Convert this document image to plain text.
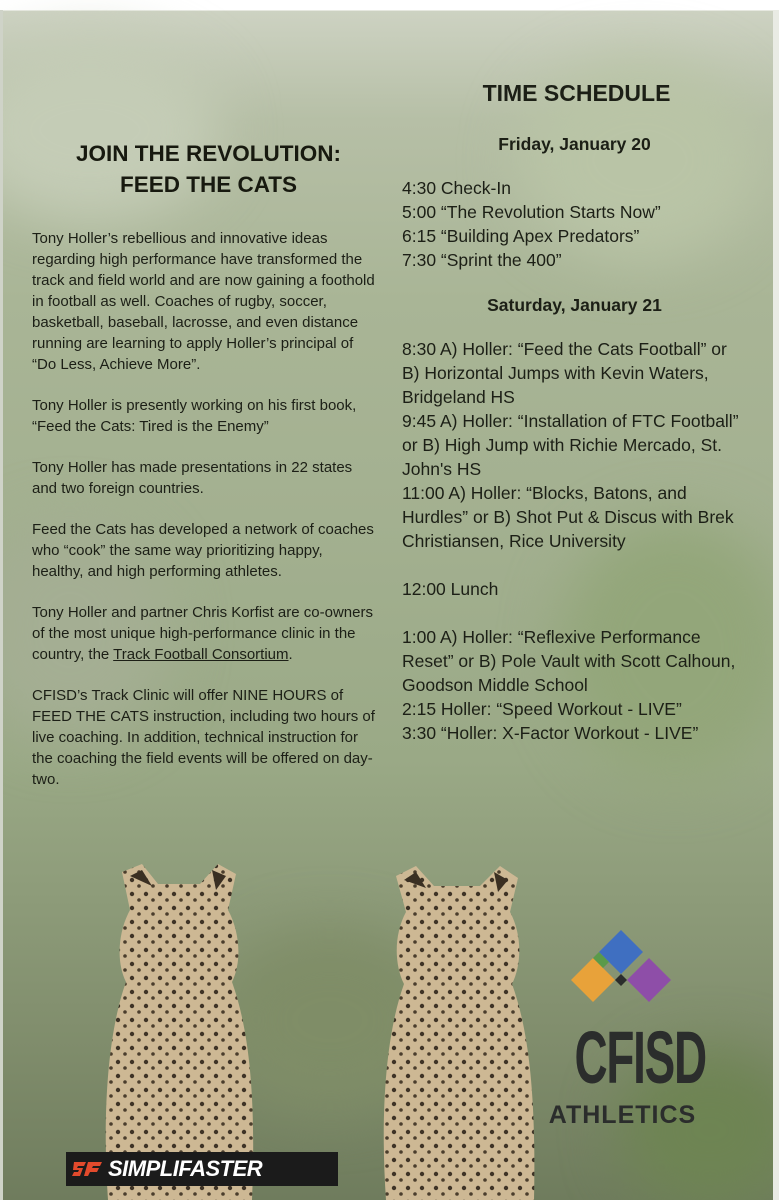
JOIN THE REVOLUTION:
FEED THE CATS

Tony Holler’s rebellious and innovative ideas regarding high performance have transformed the track and field world and are now gaining a foothold in football as well. Coaches of rugby, soccer, basketball, baseball, lacrosse, and even distance running are learning to apply Holler’s principal of “Do Less, Achieve More”.

Tony Holler is presently working on his first book, “Feed the Cats: Tired is the Enemy”

Tony Holler has made presentations in 22 states and two foreign countries.

Feed the Cats has developed a network of coaches who “cook” the same way prioritizing happy, healthy, and high performing athletes.

Tony Holler and partner Chris Korfist are co-owners of the most unique high-performance clinic in the country, the Track Football Consortium.

CFISD’s Track Clinic will offer NINE HOURS of FEED THE CATS instruction, including two hours of live coaching. In addition, technical instruction for the coaching the field events will be offered on day-two.

TIME SCHEDULE
Friday, January 20

4:30 Check-In

5:00 “The Revolution Starts Now”

6:15 “Building Apex Predators”

7:30 “Sprint the 400”

Saturday, January 21

8:30 A) Holler: “Feed the Cats Football” or B) Horizontal Jumps with Kevin Waters, Bridgeland HS

9:45 A) Holler: “Installation of FTC Football” or B) High Jump with Richie Mercado, St. John's HS

11:00 A) Holler: “Blocks, Batons, and Hurdles” or B) Shot Put & Discus with Brek Christiansen, Rice University

12:00 Lunch

1:00 A) Holler: “Reflexive Performance Reset” or B) Pole Vault with Scott Calhoun, Goodson Middle School

2:15 Holler: “Speed Workout - LIVE”

3:30 “Holler: X-Factor Workout - LIVE”

CFISD
ATHLETICS
SIMPLIFASTER
